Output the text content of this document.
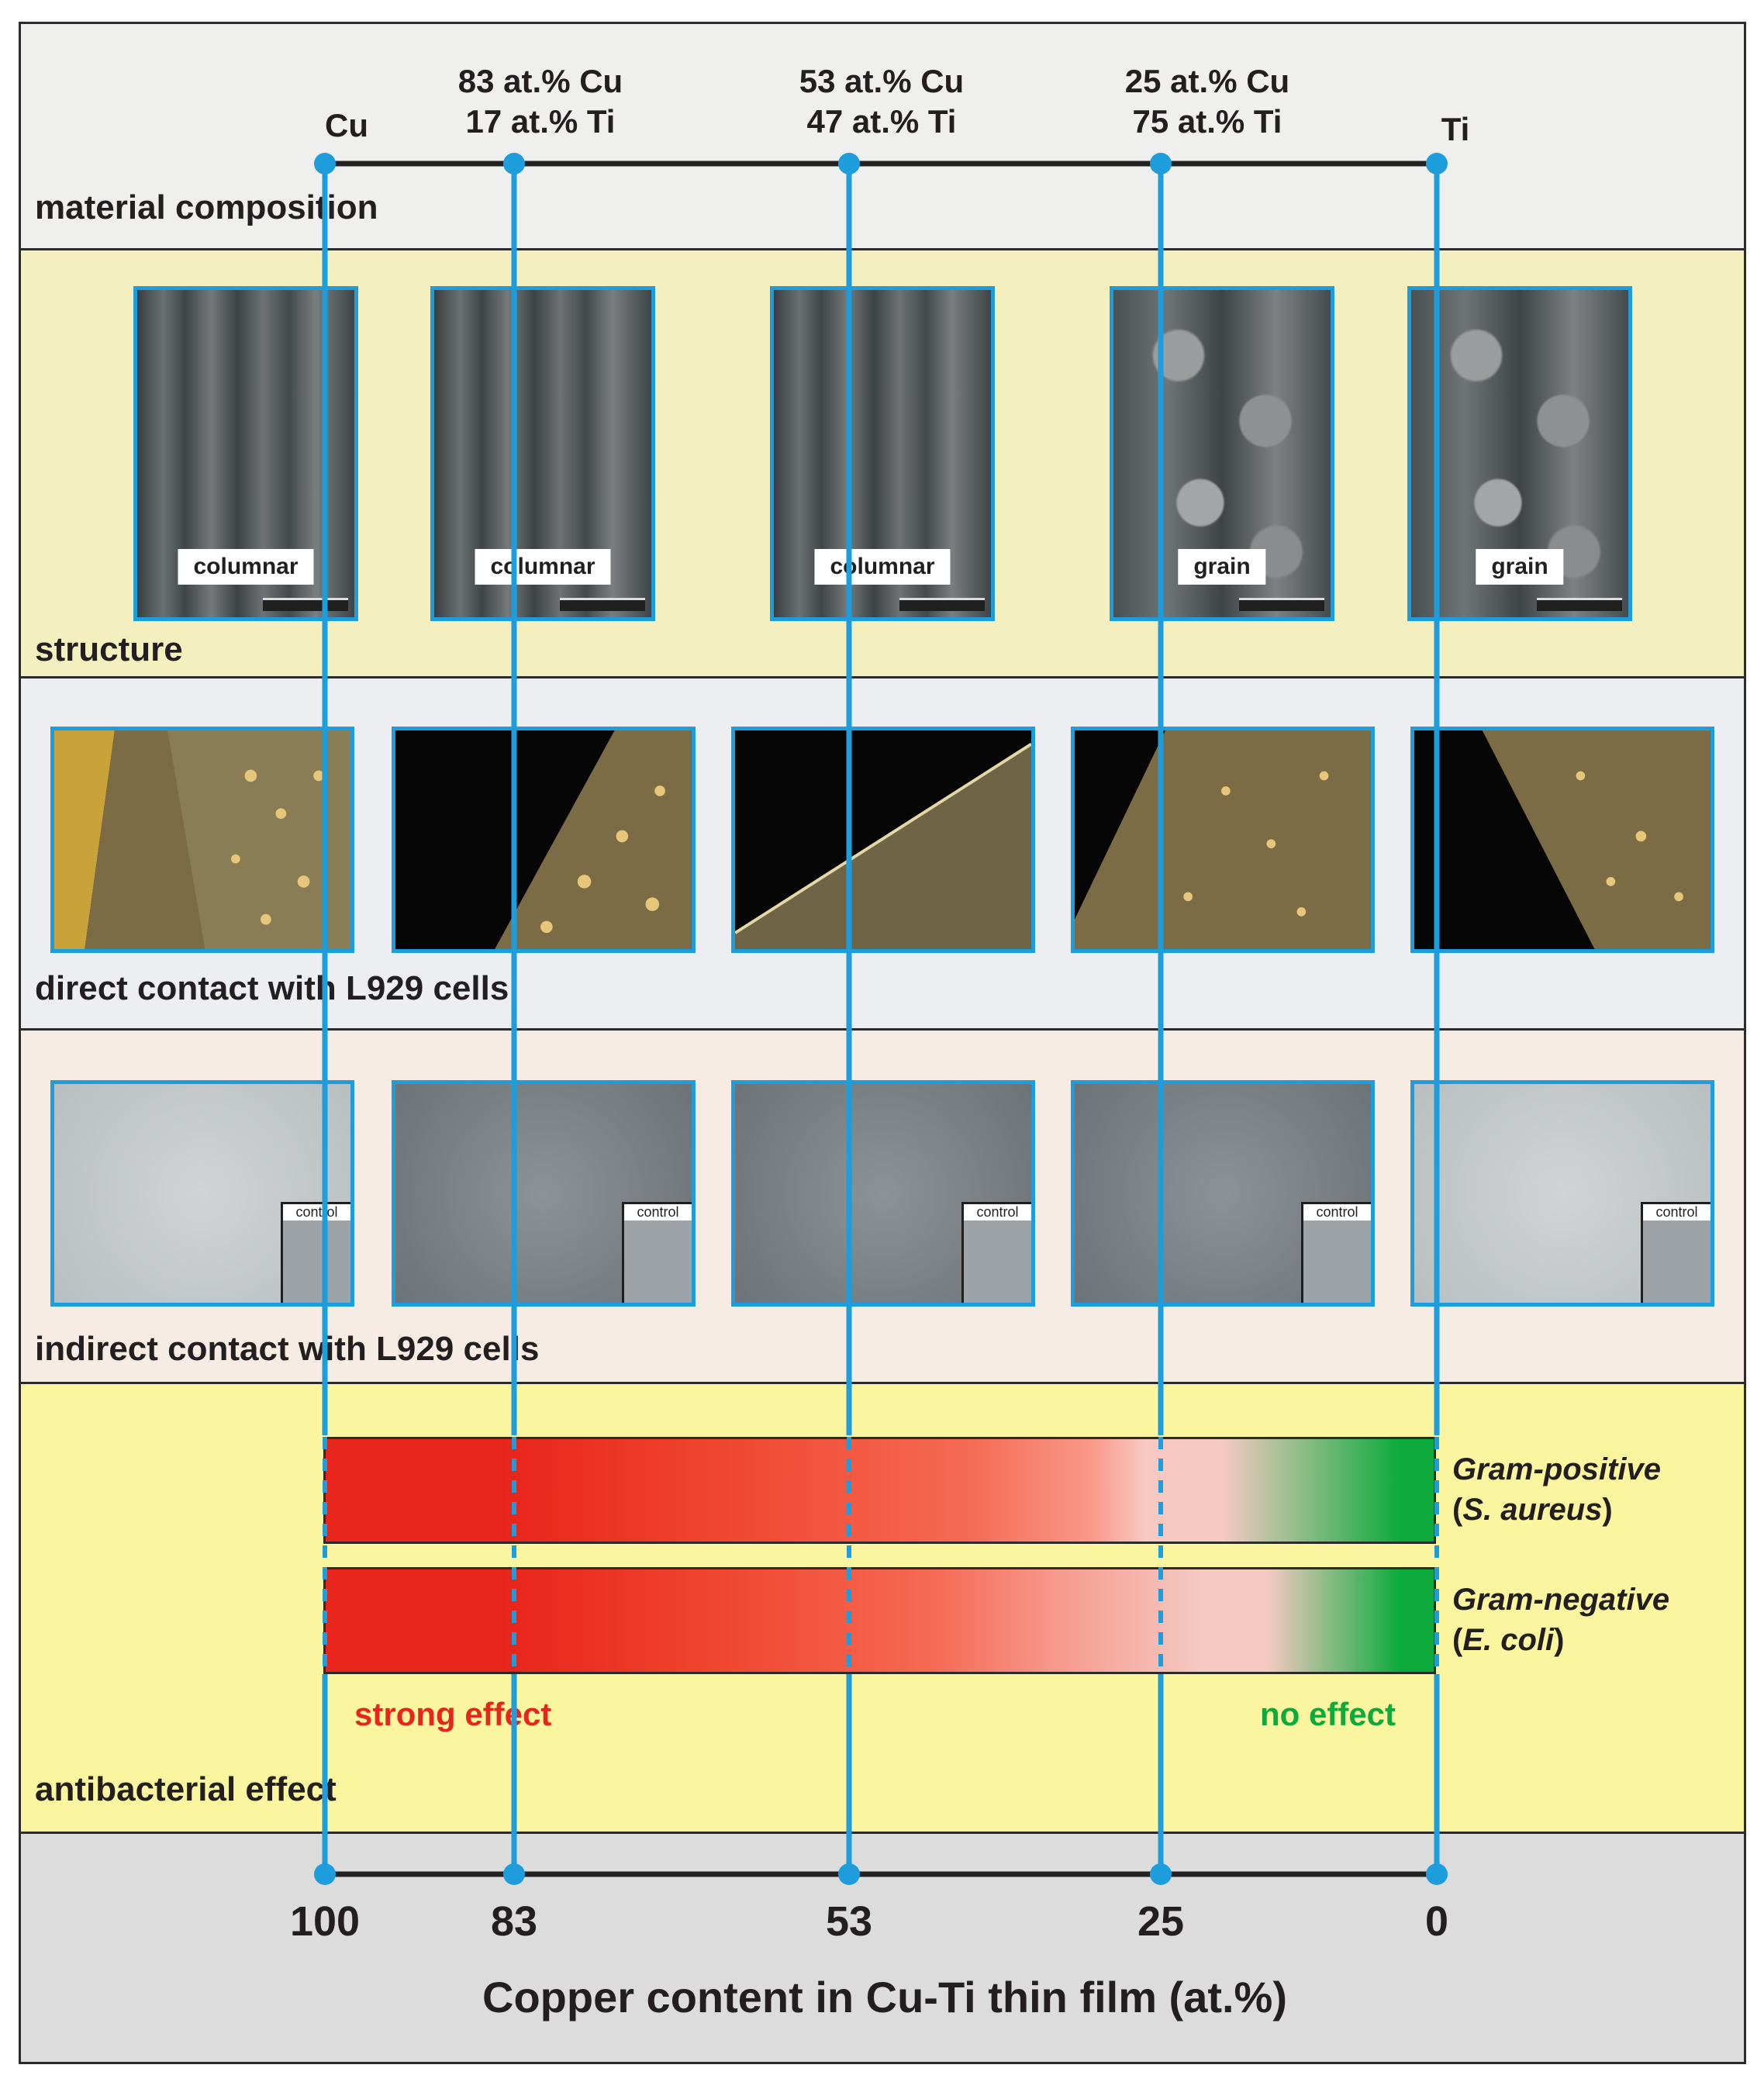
material composition
structure
direct contact with L929 cells
indirect contact with L929 cells
antibacterial effect
Cu
83 at.% Cu
17 at.% Ti
53 at.% Cu
47 at.% Ti
25 at.% Cu
75 at.% Ti	Ti
columnar	columnar	columnar	grain	grain
control	control	control	control	control
Gram-positive
(S. aureus)
Gram-negative
(E. coli)
strong effect	no effect
100	83	53	25	0
Copper content in Cu-Ti thin film (at.%)
